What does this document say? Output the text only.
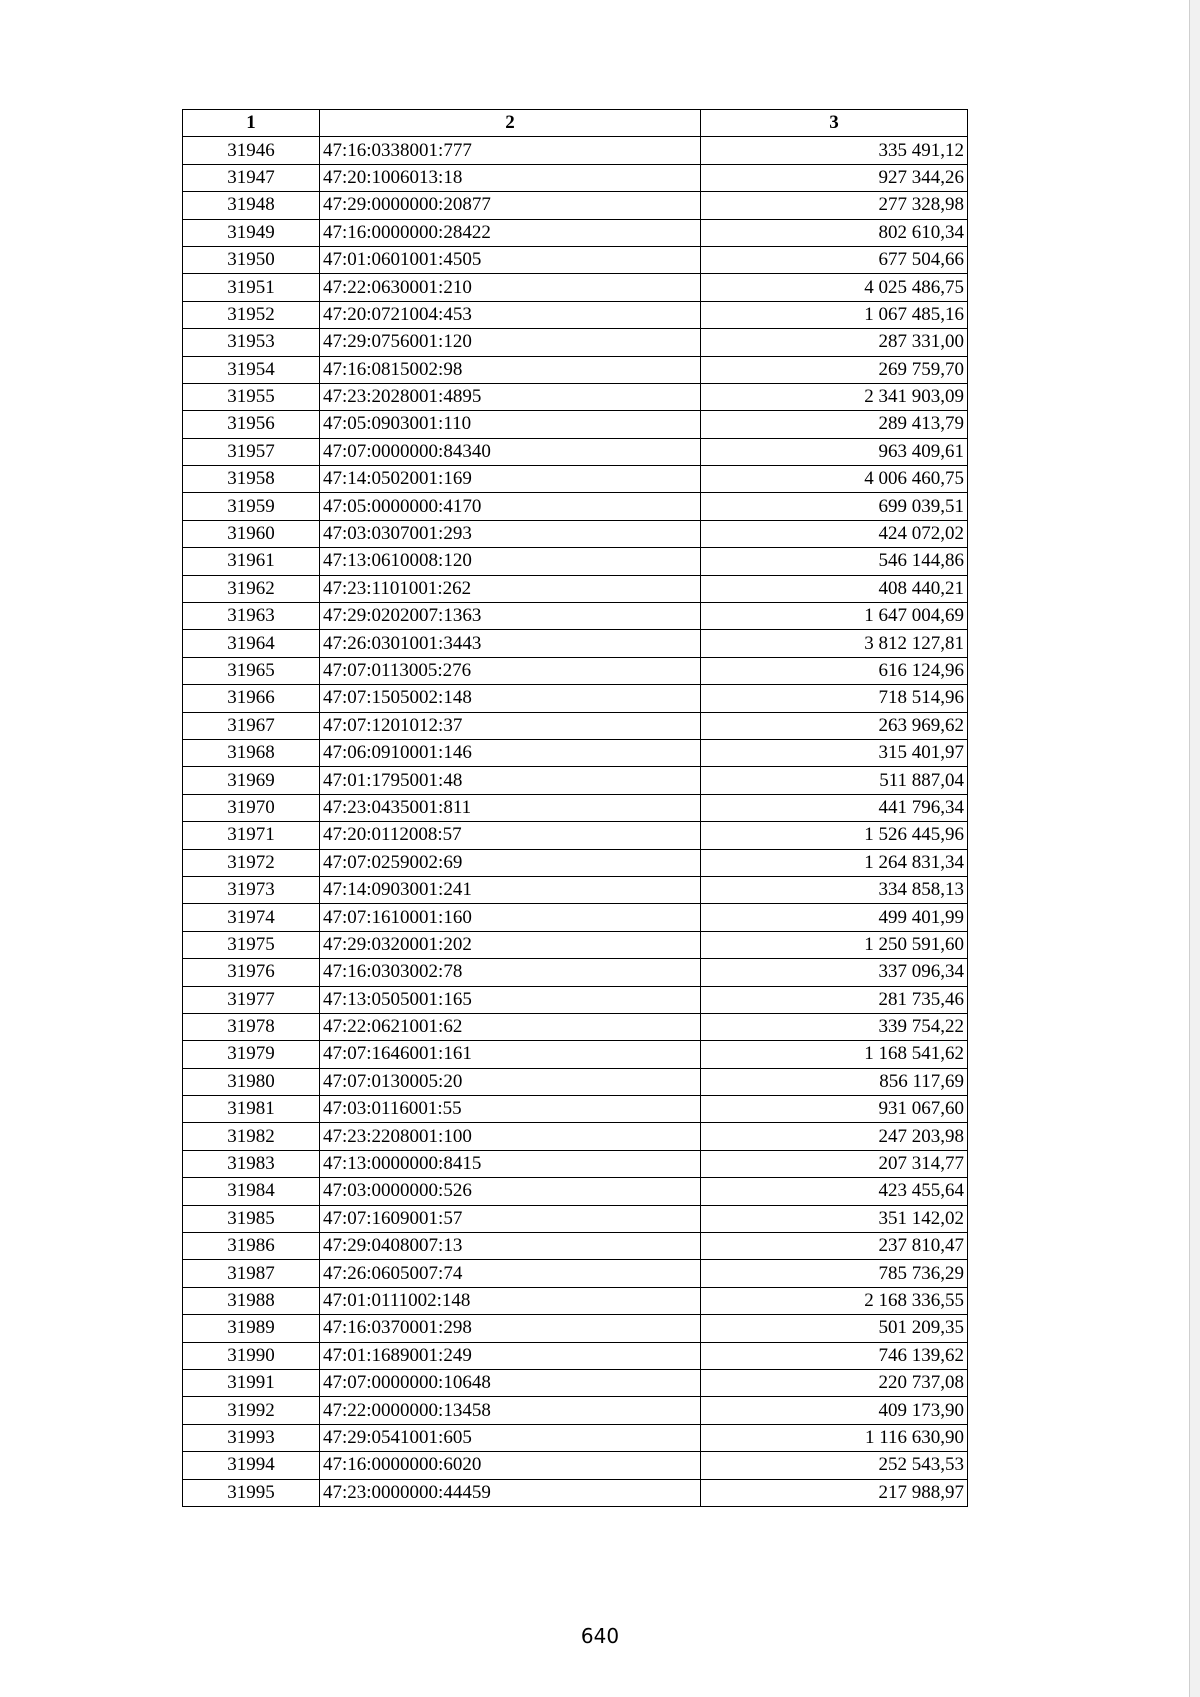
1	2	3
31946	47:16:0338001:777	335 491,12
31947	47:20:1006013:18	927 344,26
31948	47:29:0000000:20877	277 328,98
31949	47:16:0000000:28422	802 610,34
31950	47:01:0601001:4505	677 504,66
31951	47:22:0630001:210	4 025 486,75
31952	47:20:0721004:453	1 067 485,16
31953	47:29:0756001:120	287 331,00
31954	47:16:0815002:98	269 759,70
31955	47:23:2028001:4895	2 341 903,09
31956	47:05:0903001:110	289 413,79
31957	47:07:0000000:84340	963 409,61
31958	47:14:0502001:169	4 006 460,75
31959	47:05:0000000:4170	699 039,51
31960	47:03:0307001:293	424 072,02
31961	47:13:0610008:120	546 144,86
31962	47:23:1101001:262	408 440,21
31963	47:29:0202007:1363	1 647 004,69
31964	47:26:0301001:3443	3 812 127,81
31965	47:07:0113005:276	616 124,96
31966	47:07:1505002:148	718 514,96
31967	47:07:1201012:37	263 969,62
31968	47:06:0910001:146	315 401,97
31969	47:01:1795001:48	511 887,04
31970	47:23:0435001:811	441 796,34
31971	47:20:0112008:57	1 526 445,96
31972	47:07:0259002:69	1 264 831,34
31973	47:14:0903001:241	334 858,13
31974	47:07:1610001:160	499 401,99
31975	47:29:0320001:202	1 250 591,60
31976	47:16:0303002:78	337 096,34
31977	47:13:0505001:165	281 735,46
31978	47:22:0621001:62	339 754,22
31979	47:07:1646001:161	1 168 541,62
31980	47:07:0130005:20	856 117,69
31981	47:03:0116001:55	931 067,60
31982	47:23:2208001:100	247 203,98
31983	47:13:0000000:8415	207 314,77
31984	47:03:0000000:526	423 455,64
31985	47:07:1609001:57	351 142,02
31986	47:29:0408007:13	237 810,47
31987	47:26:0605007:74	785 736,29
31988	47:01:0111002:148	2 168 336,55
31989	47:16:0370001:298	501 209,35
31990	47:01:1689001:249	746 139,62
31991	47:07:0000000:10648	220 737,08
31992	47:22:0000000:13458	409 173,90
31993	47:29:0541001:605	1 116 630,90
31994	47:16:0000000:6020	252 543,53
31995	47:23:0000000:44459	217 988,97
640
